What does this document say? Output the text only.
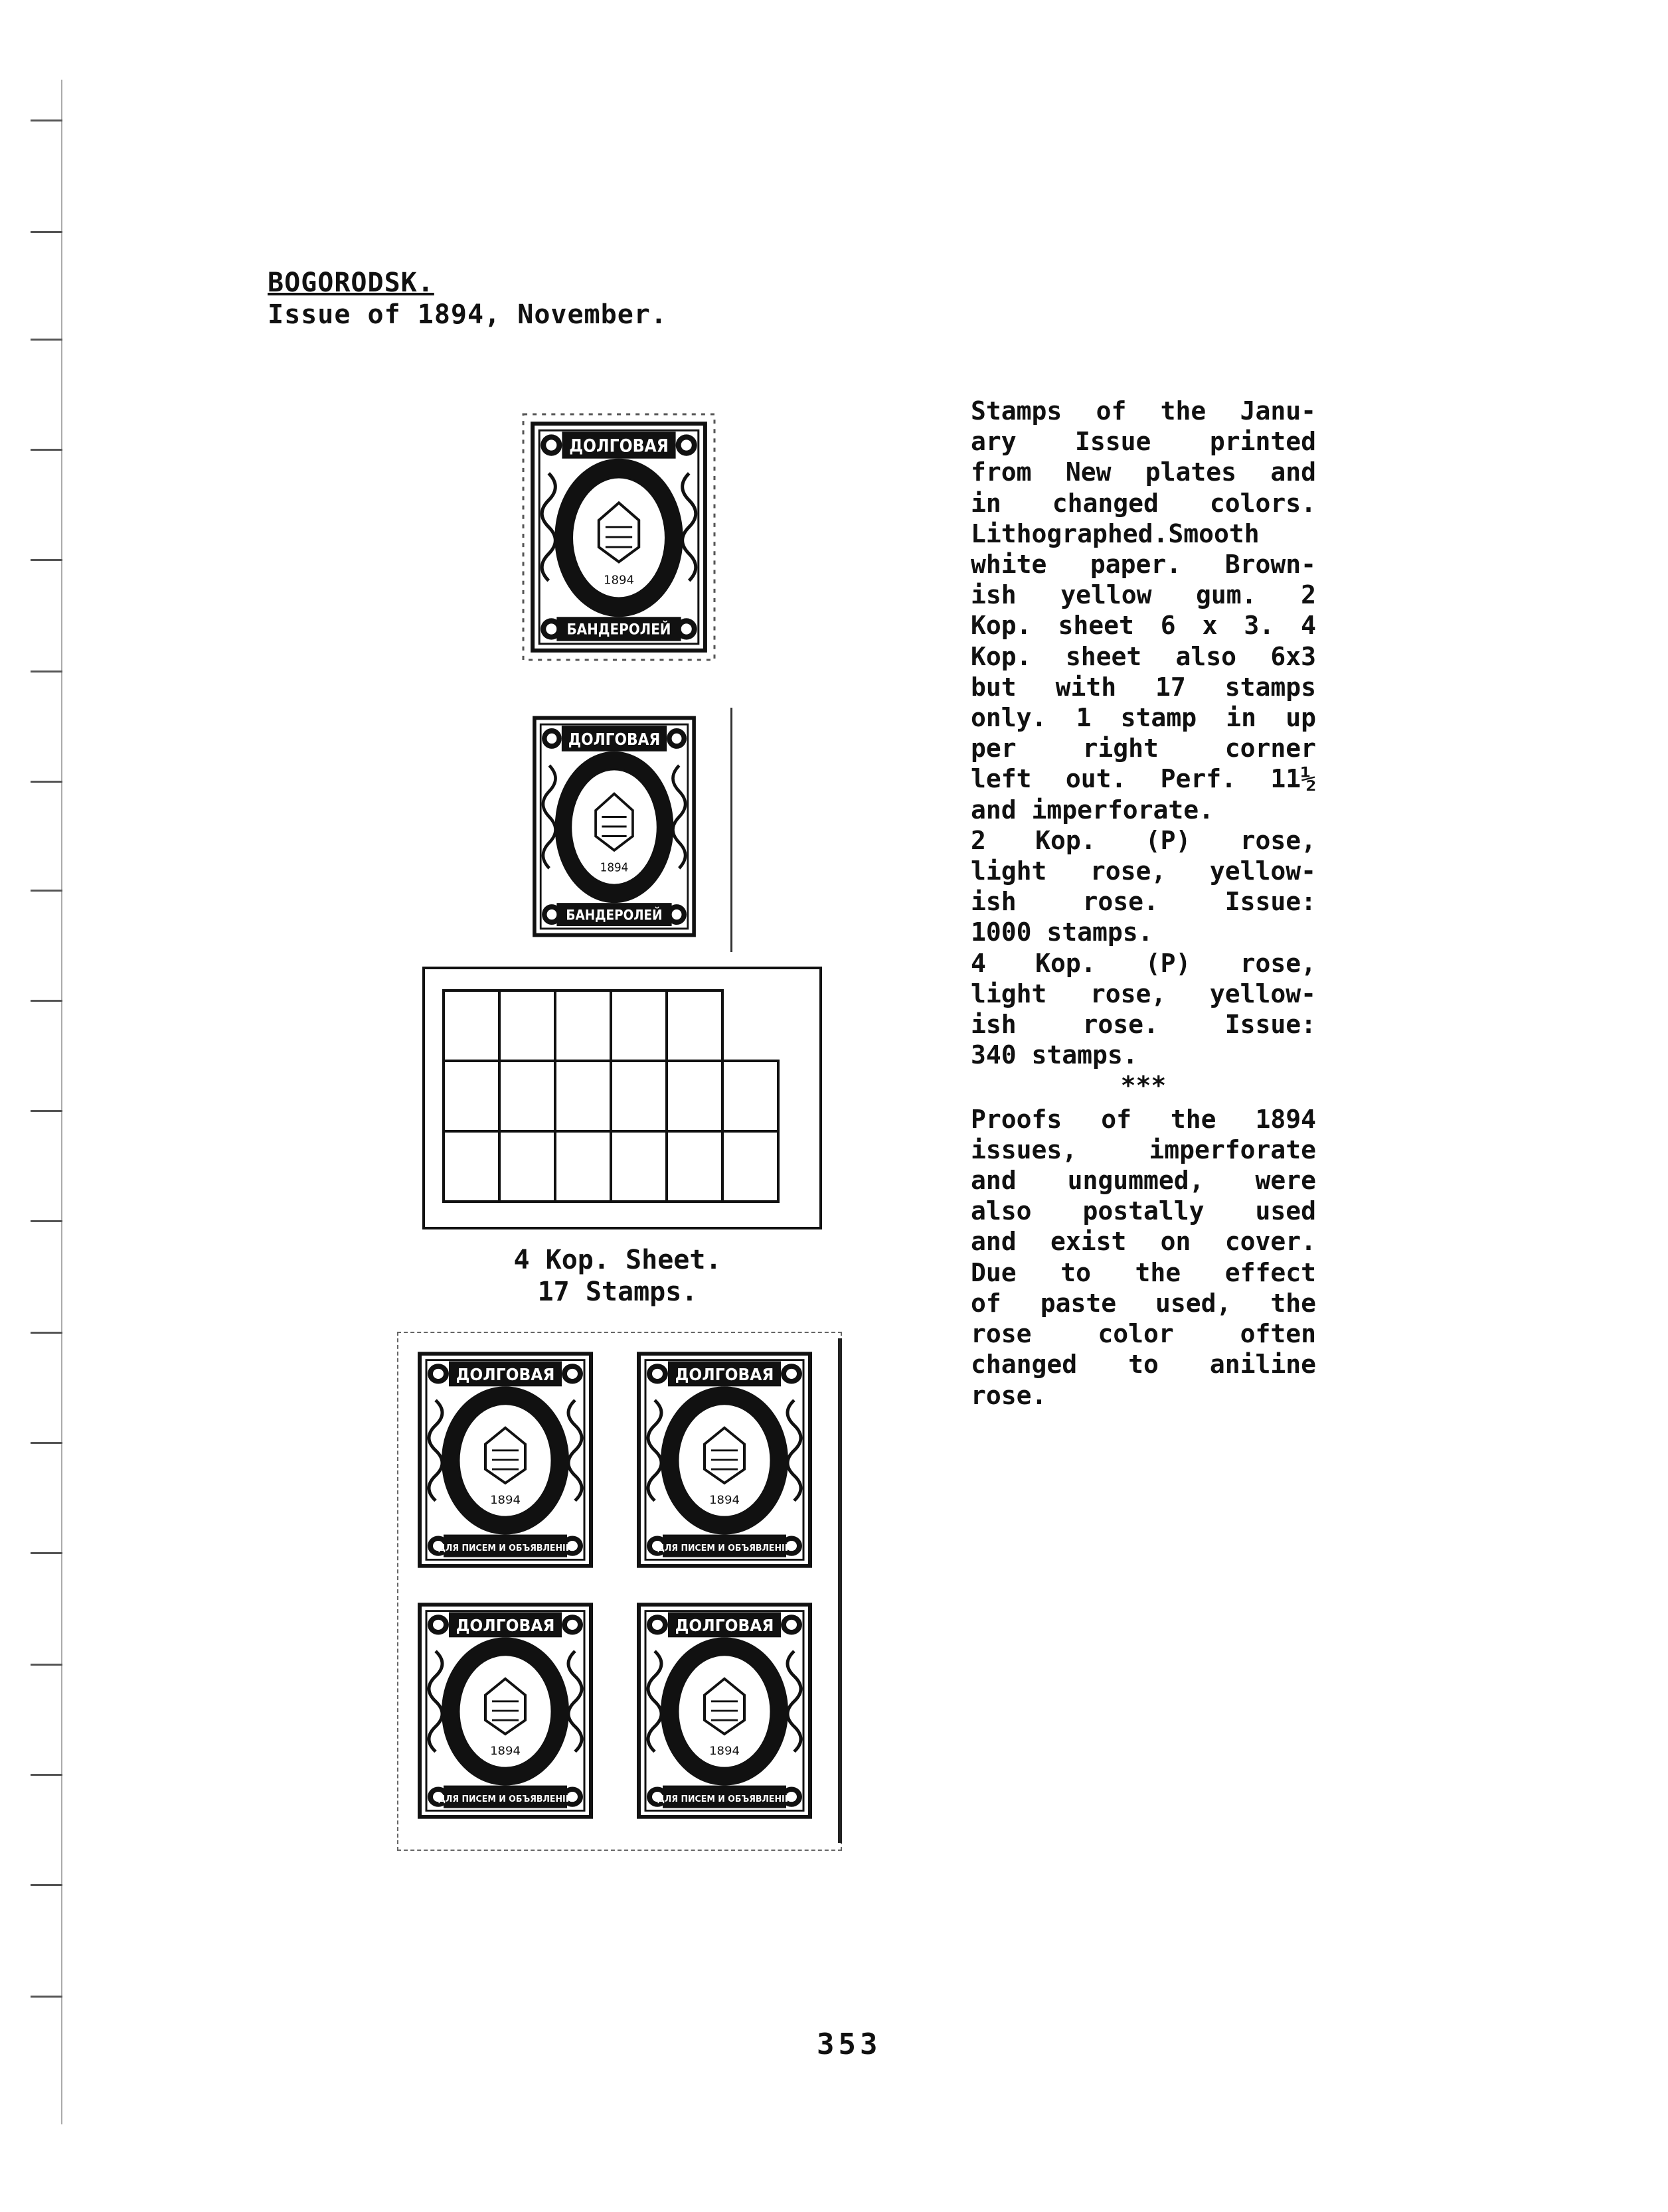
BOGORODSK.
Issue of 1894, November.
ДОЛГОВАЯ
1894
БАНДЕРОЛЕЙ
ДОЛГОВАЯ
1894
БАНДЕРОЛЕЙ
4 Kop. Sheet.
17 Stamps.
ДОЛГОВАЯ
1894
ДЛЯ ПИСЕМ И ОБЪЯВЛЕНІЙ
ДОЛГОВАЯ
1894
ДЛЯ ПИСЕМ И ОБЪЯВЛЕНІЙ
ДОЛГОВАЯ
1894
ДЛЯ ПИСЕМ И ОБЪЯВЛЕНІЙ
ДОЛГОВАЯ
1894
ДЛЯ ПИСЕМ И ОБЪЯВЛЕНІЙ
Stamps of the Janu-
ary Issue printed
from New plates and
in changed colors.
Lithographed.Smooth
white paper. Brown-
ish yellow gum. 2
Kop. sheet 6 x 3. 4
Kop. sheet also 6x3
but with 17 stamps
only. 1 stamp in up
per right corner
left out. Perf. 11½
and imperforate.
2 Kop. (P) rose,
light rose, yellow-
ish rose. Issue:
1000 stamps.
4 Kop. (P) rose,
light rose, yellow-
ish rose. Issue:
340 stamps.
***
Proofs of the 1894
issues, imperforate
and ungummed, were
also postally used
and exist on cover.
Due to the effect
of paste used, the
rose color often
changed to aniline
rose.
353
